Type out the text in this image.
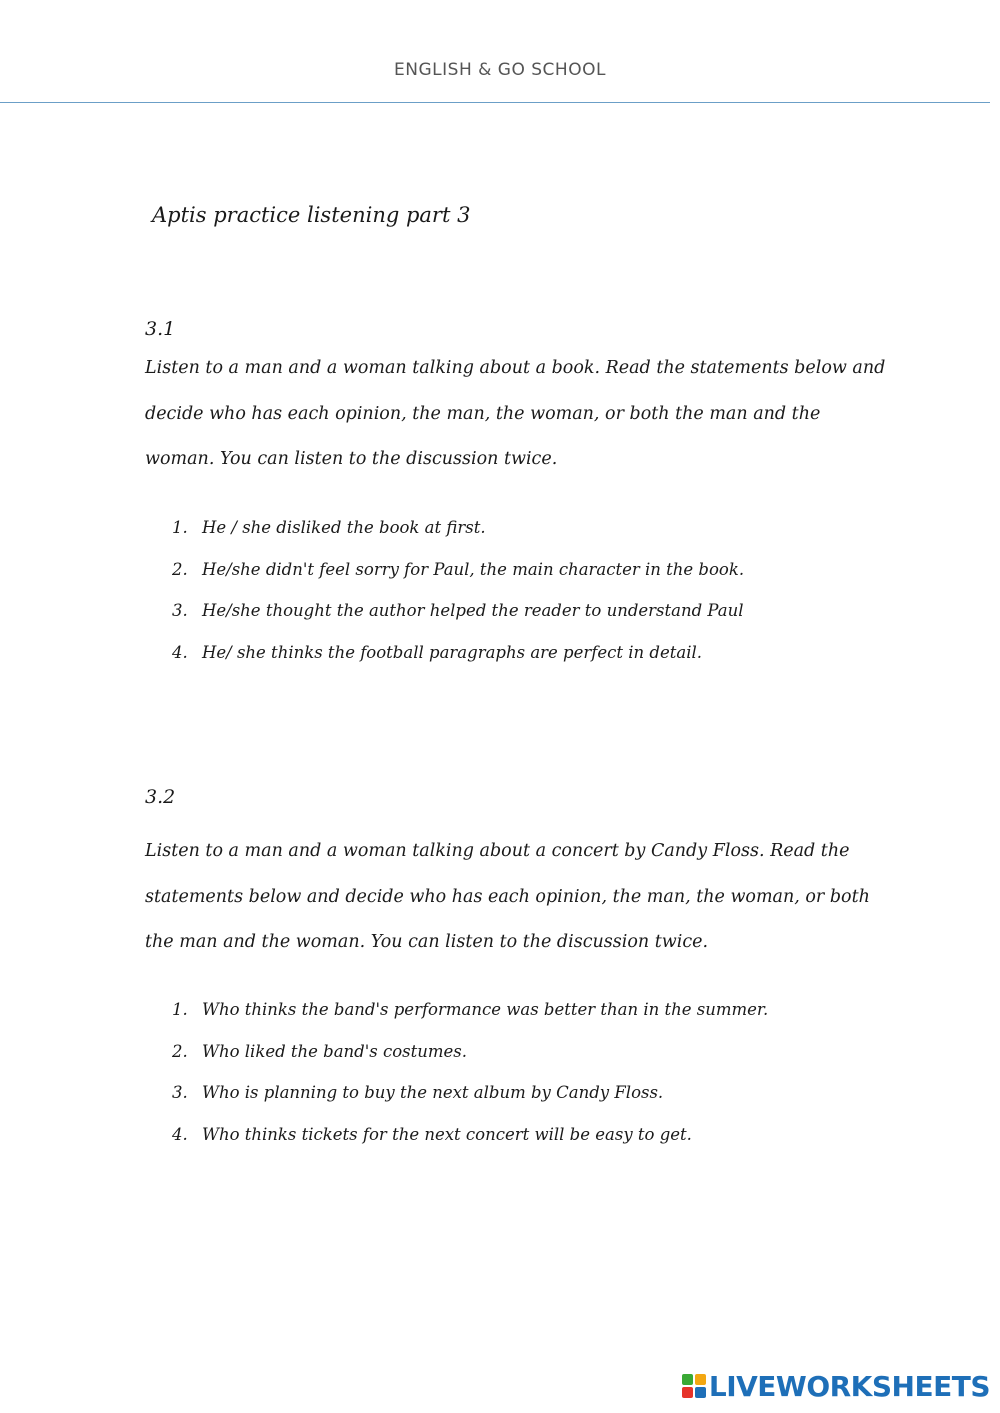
ENGLISH & GO SCHOOL
Aptis practice listening part 3
3.1

Listen to a man and a woman talking about a book. Read the statements below and decide who has each opinion, the man, the woman, or both the man and the woman. You can listen to the discussion twice.

1. He / she disliked the book at first.
2. He/she didn't feel sorry for Paul, the main character in the book.
3. He/she thought the author helped the reader to understand Paul
4. He/ she thinks the football paragraphs are perfect in detail.
3.2

Listen to a man and a woman talking about a concert by Candy Floss. Read the statements below and decide who has each opinion, the man, the woman, or both the man and the woman. You can listen to the discussion twice.

1. Who thinks the band's performance was better than in the summer.
2. Who liked the band's costumes.
3. Who is planning to buy the next album by Candy Floss.
4. Who thinks tickets for the next concert will be easy to get.
LIVEWORKSHEETS
